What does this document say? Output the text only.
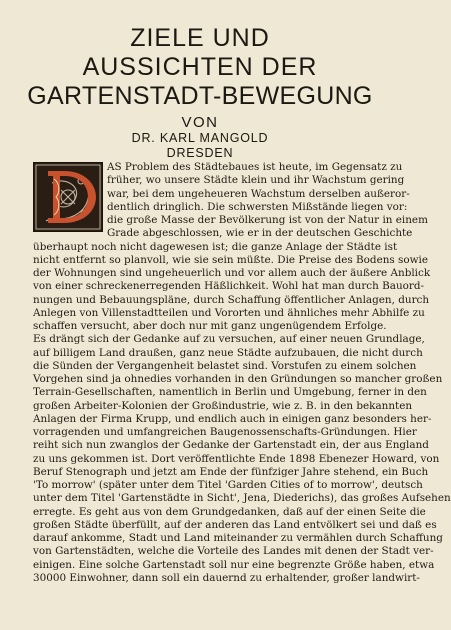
ZIELE UND
AUSSICHTEN DER
GARTENSTADT-BEWEGUNG
VON
DR. KARL MANGOLD
DRESDEN
AS Problem des Städtebaues ist heute, im Gegensatz zu
früher, wo unsere Städte klein und ihr Wachstum gering
war, bei dem ungeheueren Wachstum derselben außeror-
dentlich dringlich. Die schwersten Mißstände liegen vor:
die große Masse der Bevölkerung ist von der Natur in einem
Grade abgeschlossen, wie er in der deutschen Geschichte
überhaupt noch nicht dagewesen ist; die ganze Anlage der Städte ist
nicht entfernt so planvoll, wie sie sein müßte. Die Preise des Bodens sowie
der Wohnungen sind ungeheuerlich und vor allem auch der äußere Anblick
von einer schreckenerregenden Häßlichkeit. Wohl hat man durch Bauord-
nungen und Bebauungspläne, durch Schaffung öffentlicher Anlagen, durch
Anlegen von Villenstadtteilen und Vororten und ähnliches mehr Abhilfe zu
schaffen versucht, aber doch nur mit ganz ungenügendem Erfolge.
Es drängt sich der Gedanke auf zu versuchen, auf einer neuen Grundlage,
auf billigem Land draußen, ganz neue Städte aufzubauen, die nicht durch
die Sünden der Vergangenheit belastet sind. Vorstufen zu einem solchen
Vorgehen sind ja ohnedies vorhanden in den Gründungen so mancher großen
Terrain-Gesellschaften, namentlich in Berlin und Umgebung, ferner in den
großen Arbeiter-Kolonien der Großindustrie, wie z. B. in den bekannten
Anlagen der Firma Krupp, und endlich auch in einigen ganz besonders her-
vorragenden und umfangreichen Baugenossenschafts-Gründungen. Hier
reiht sich nun zwanglos der Gedanke der Gartenstadt ein, der aus England
zu uns gekommen ist. Dort veröffentlichte Ende 1898 Ebenezer Howard, von
Beruf Stenograph und jetzt am Ende der fünfziger Jahre stehend, ein Buch
'To morrow' (später unter dem Titel 'Garden Cities of to morrow', deutsch
unter dem Titel 'Gartenstädte in Sicht', Jena, Diederichs), das großes Aufsehen
erregte. Es geht aus von dem Grundgedanken, daß auf der einen Seite die
großen Städte überfüllt, auf der anderen das Land entvölkert sei und daß es
darauf ankomme, Stadt und Land miteinander zu vermählen durch Schaffung
von Gartenstädten, welche die Vorteile des Landes mit denen der Stadt ver-
einigen. Eine solche Gartenstadt soll nur eine begrenzte Größe haben, etwa
30000 Einwohner, dann soll ein dauernd zu erhaltender, großer landwirt-
